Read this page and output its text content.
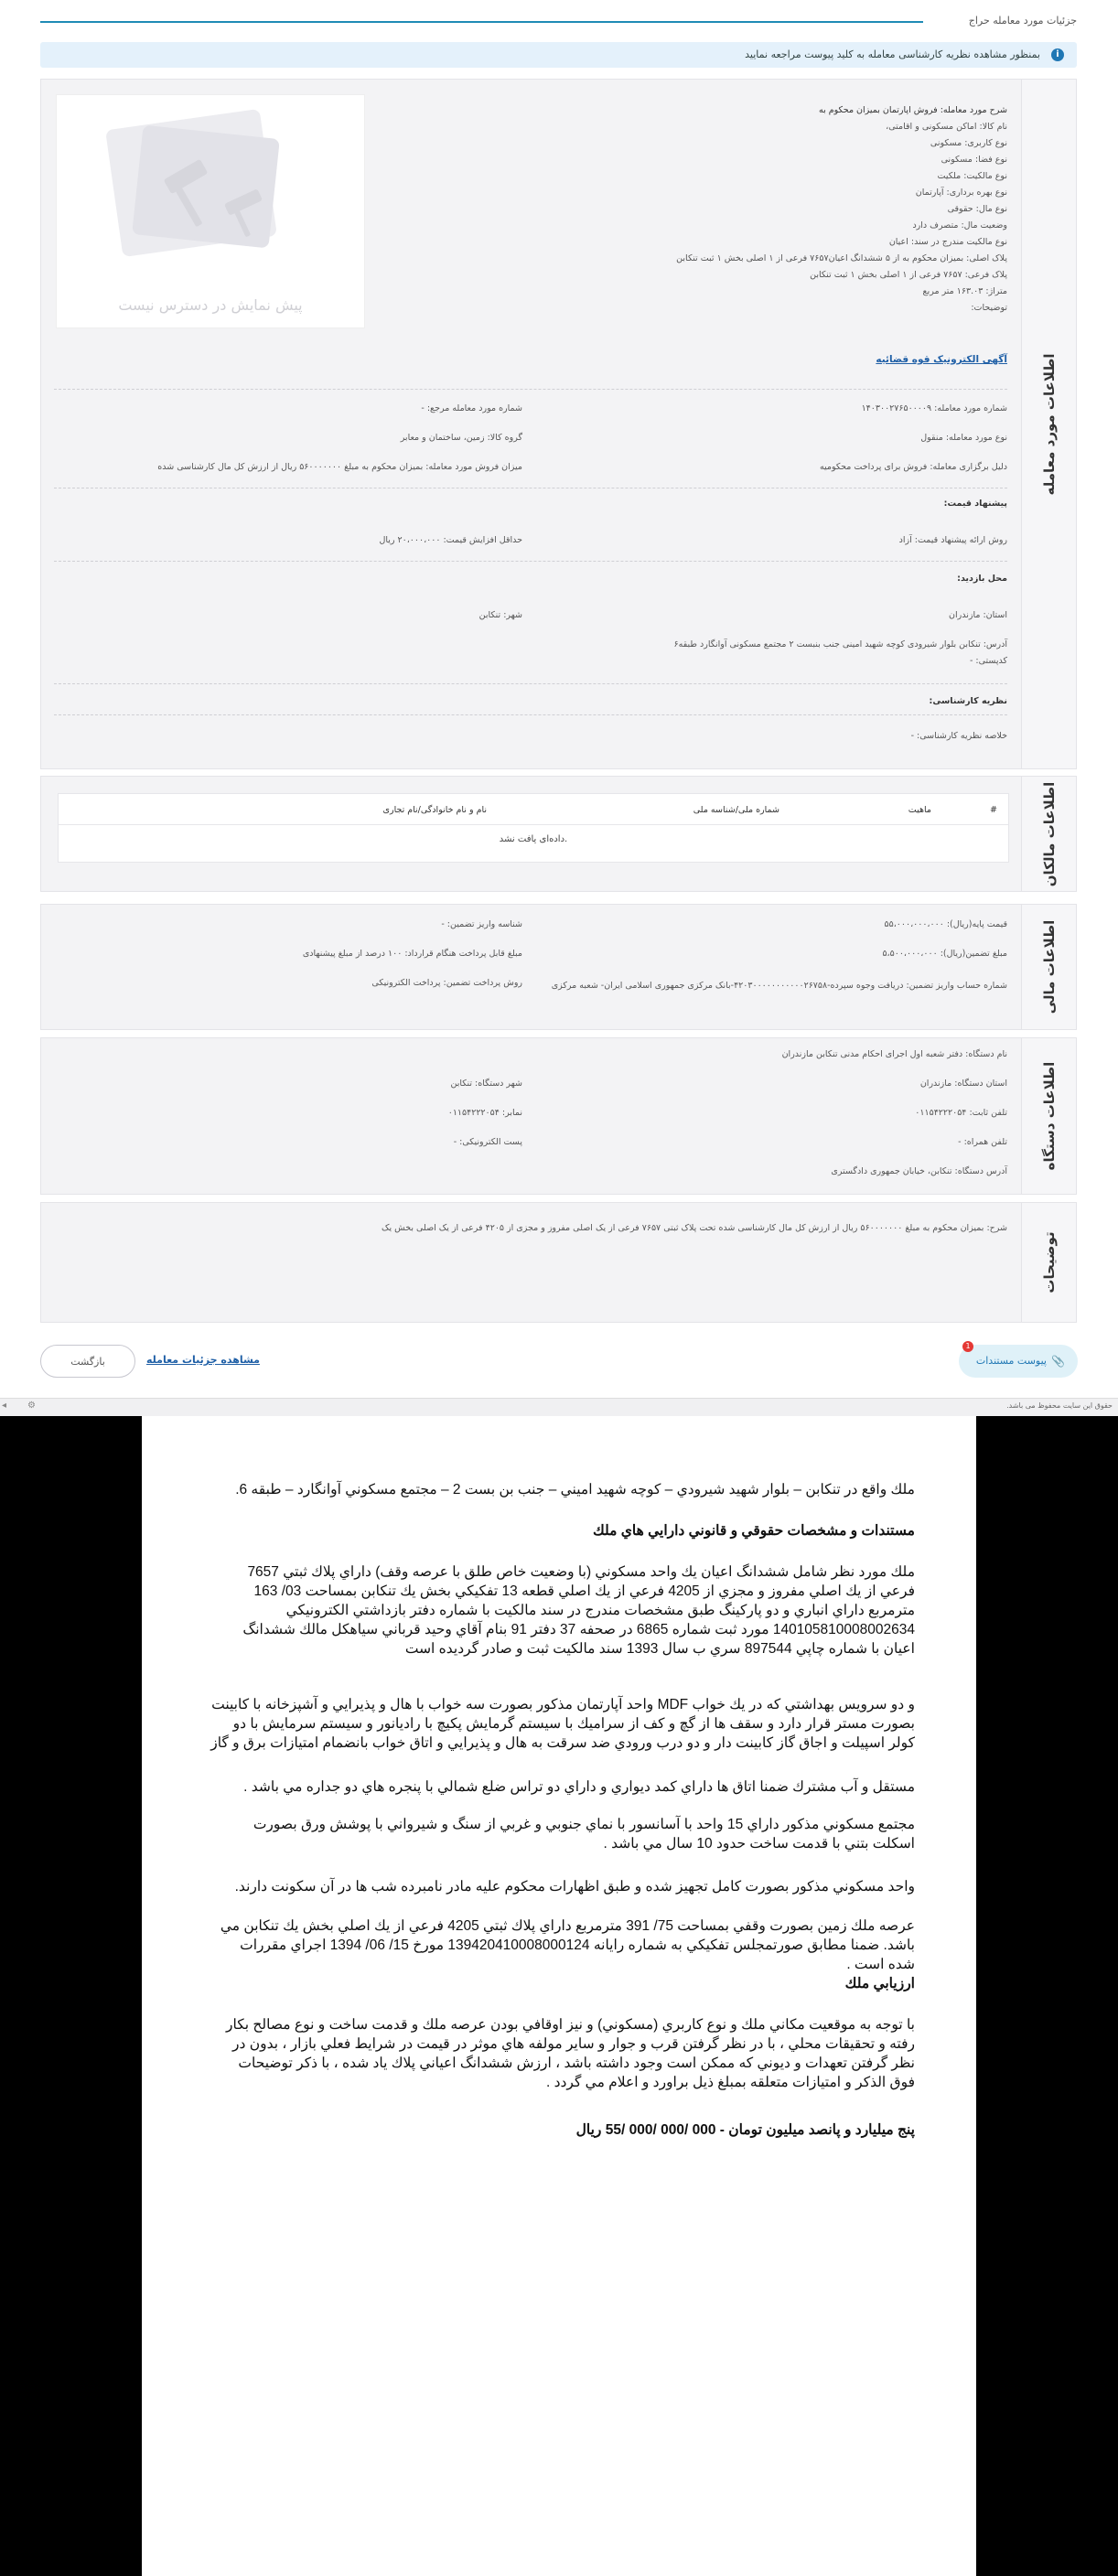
جزئیات مورد معامله حراج
i
بمنظور مشاهده نظریه کارشناسی معامله به کلید پیوست مراجعه نمایید
اطلاعات مورد معامله
شرح مورد معامله: فروش اپارتمان بمیزان محکوم به
نام کالا: اماکن مسکونی و اقامتی،
نوع کاربری: مسکونی
نوع فضا: مسکونی
نوع مالکیت: ملکیت
نوع بهره برداری: آپارتمان
نوع مال: حقوقی
وضعیت مال: متصرف دارد
نوع مالکیت مندرج در سند: اعیان
پلاک اصلی: بمیزان محکوم به از ۵ ششدانگ اعیان۷۶۵۷ فرعی از ۱ اصلی بخش ۱ ثبت تنکابن
پلاک فرعی: ۷۶۵۷ فرعی از ۱ اصلی بخش ۱ ثبت تنکابن
متراژ: ۱۶۳.۰۳ متر مربع
توضیحات:
پیش نمایش در دسترس نیست
آگهی الکترونیک قوه قضائیه
شماره مورد معامله: ۱۴۰۳۰۰۲۷۶۵۰۰۰۰۹
شماره مورد معامله مرجع: -
نوع مورد معامله: منقول
گروه کالا: زمین، ساختمان و معابر
دلیل برگزاری معامله: فروش برای پرداخت محکومیه
میزان فروش مورد معامله: بمیزان محکوم به مبلغ ۵۶۰۰۰۰۰۰۰ ریال از ارزش کل مال کارشناسی شده
پیشنهاد قیمت:
روش ارائه پیشنهاد قیمت: آزاد
حداقل افزایش قیمت: ۲۰،۰۰۰،۰۰۰ ریال
محل بازدید:
استان: مازندران
شهر: تنکابن
آدرس: تنکابن بلوار شیرودی کوچه شهید امینی جنب بنبست ۲ مجتمع مسکونی آوانگارد طبقه۶
کدپستی: -
نظریه کارشناسی:
خلاصه نظریه کارشناسی: -
اطلاعات مالکان
#
ماهیت
شماره ملی/شناسه ملی
نام و نام خانوادگی/نام تجاری
داده‌ای یافت نشد.
اطلاعات مالی
قیمت پایه(ریال): ۵۵،۰۰۰،۰۰۰،۰۰۰
شناسه واریز تضمین: -
مبلغ تضمین(ریال): ۵،۵۰۰،۰۰۰،۰۰۰
مبلغ قابل پرداخت هنگام قرارداد: ۱۰۰ درصد از مبلغ پیشنهادی
شماره حساب واریز تضمین: دریافت وجوه سپرده-۴۲۰۳۰۰۰۰۰۰۰۰۰۰۰۲۶۷۵۸-بانک مرکزی جمهوری اسلامی ایران- شعبه مرکزی
روش پرداخت تضمین: پرداخت الکترونیکی
اطلاعات دستگاه
نام دستگاه: دفتر شعبه اول اجرای احکام مدنی تنکابن مازندران
استان دستگاه: مازندران
شهر دستگاه: تنکابن
تلفن ثابت: ۰۱۱۵۴۲۲۲۰۵۴
نمابر: ۰۱۱۵۴۲۲۲۰۵۴
تلفن همراه: -
پست الکترونیکی: -
آدرس دستگاه: تنکابن، خیابان جمهوری دادگستری
توضیحات
شرح: بمیزان محکوم به مبلغ ۵۶۰۰۰۰۰۰۰ ریال از ارزش کل مال کارشناسی شده تحت پلاک ثبتی ۷۶۵۷ فرعی از یک اصلی مفروز و مجزی از ۴۲۰۵ فرعی از یک اصلی بخش یک
📎
پیوست مستندات
1
مشاهده جزئیات معامله
بازگشت
◂ ⚙	حقوق این سایت محفوظ می باشد.
ملك واقع در تنكابن – بلوار شهيد شيرودي – كوچه شهيد اميني – جنب بن بست 2 – مجتمع مسكوني آوانگارد – طبقه 6.
مستندات و مشخصات حقوقي و قانوني دارايي هاي ملك
ملك مورد نظر شامل ششدانگ اعيان يك واحد مسكوني (با وضعيت خاص طلق با عرصه وقف) داراي پلاك ثبتي 7657 فرعي از يك اصلي مفروز و مجزي از 4205 فرعي از يك اصلي قطعه 13 تفكيكي بخش يك تنكابن بمساحت 03/ 163 مترمربع داراي انباري و دو پاركينگ طبق مشخصات مندرج در سند مالكيت با شماره دفتر بازداشتي الكترونيكي 140105810008002634 مورد ثبت شماره 6865 در صحفه 37 دفتر 91 بنام آقاي وحيد قرباني سياهكل مالك ششدانگ اعيان با شماره چاپي 897544 سري ب سال 1393 سند مالكيت ثبت و صادر گرديده است
و دو سرويس بهداشتي كه در يك خواب MDF واحد آپارتمان مذكور بصورت سه خواب با هال و پذيرايي و آشپزخانه با كابينت بصورت مستر قرار دارد و سقف ها از گچ و كف از سراميك با سيستم گرمايش پكيچ با راديانور و سيستم سرمايش با دو كولر اسپيلت و اجاق گاز كابينت دار و دو درب ورودي ضد سرقت به هال و پذيرايي و اتاق خواب بانضمام امتيازات برق و گاز
مستقل و آب مشترك ضمنا اتاق ها داراي كمد ديواري و داراي دو تراس ضلع شمالي با پنجره هاي دو جداره مي باشد .
مجتمع مسكوني مذكور داراي 15 واحد با آسانسور با نماي جنوبي و غربي از سنگ و شيرواني با پوشش ورق بصورت اسكلت بتني با قدمت ساخت حدود 10 سال مي باشد .
واحد مسكوني مذكور بصورت كامل تجهيز شده و طبق اظهارات محكوم عليه مادر نامبرده شب ها در آن سكونت دارند.
عرصه ملك زمين بصورت وقفي بمساحت 75/ 391 مترمربع داراي پلاك ثبتي 4205 فرعي از يك اصلي بخش يك تنكابن مي باشد. ضمنا مطابق صورتمجلس تفكيكي به شماره رايانه 139420410008000124 مورخ 15/ 06/ 1394 اجراي مقررات شده است .
ارزيابي ملك
با توجه به موقعيت مكاني ملك و نوع كاربري (مسكوني) و نيز اوقافي بودن عرصه ملك و قدمت ساخت و نوع مصالح بكار رفته و تحقيقات محلي ، با در نظر گرفتن قرب و جوار و ساير مولفه هاي موثر در قيمت در شرايط فعلي بازار ، بدون در نظر گرفتن تعهدات و ديوني كه ممكن است وجود داشته باشد ، ارزش ششدانگ اعياني پلاك ياد شده ، با ذكر توضيحات فوق الذكر و امتيازات متعلقه بمبلغ ذيل براورد و اعلام مي گردد .
پنج ميليارد و پانصد ميليون تومان - 000 /000 /000 /55 ريال
